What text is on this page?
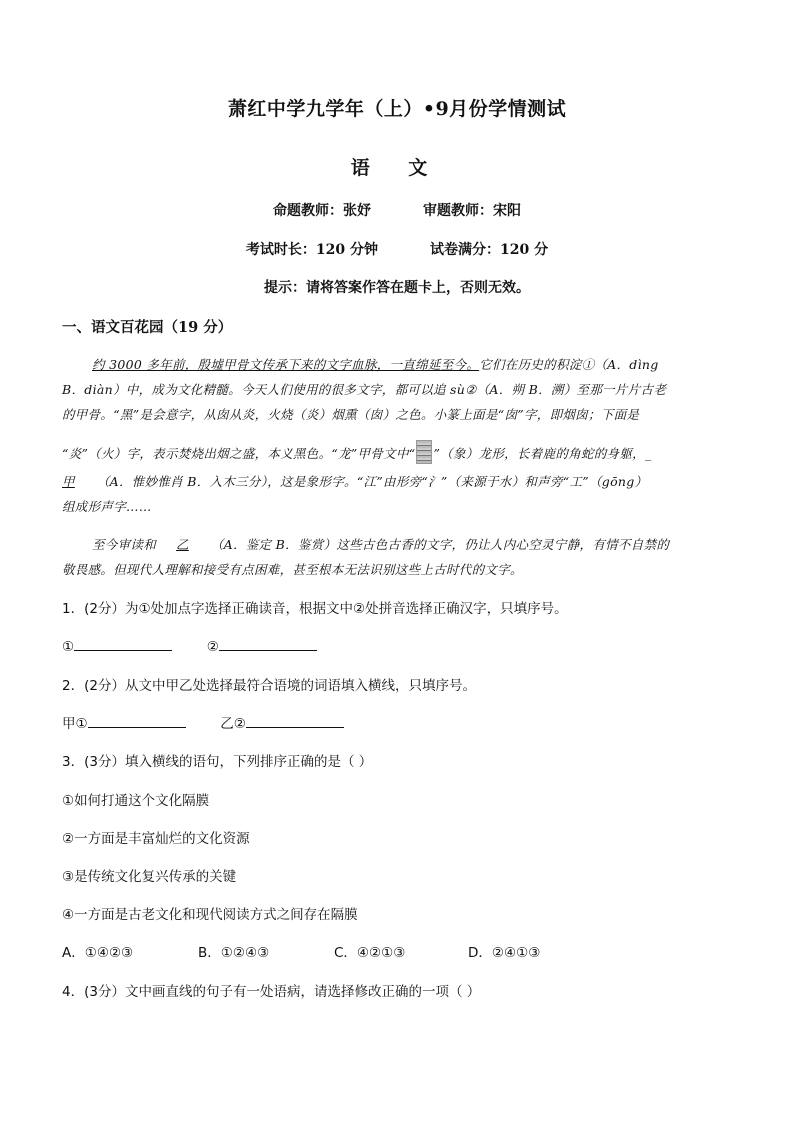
萧红中学九学年（上）•9月份学情测试
语 文
命题教师：张妤	审题教师：宋阳
考试时长：120 分钟	试卷满分：120 分
提示：请将答案作答在题卡上，否则无效。
一、语文百花园（19 分）
约 3000 多年前，殷墟甲骨文传承下来的文字血脉，一直绵延至今。它们在历史的积淀①（A．dìng
B．diàn）中，成为文化精髓。今天人们使用的很多文字，都可以追 sù②（A．朔 B．溯）至那一片片古老
的甲骨。“黑”是会意字，从囱从炎，火烧（炎）烟熏（囱）之色。小篆上面是“囱”字，即烟囱；下面是
“炎”（火）字，表示焚烧出烟之盛，本义黑色。“龙”甲骨文中“ ”（象）龙形，长着鹿的角蛇的身躯，_
甲 （A．惟妙惟肖 B．入木三分），这是象形字。“江”由形旁“氵”（来源于水）和声旁“工”（gōng）
组成形声字……
至今审读和 乙 （A．鉴定 B．鉴赏）这些古色古香的文字，仍让人内心空灵宁静，有情不自禁的
敬畏感。但现代人理解和接受有点困难，甚至根本无法识别这些上古时代的文字。
1．(2分）为①处加点字选择正确读音，根据文中②处拼音选择正确汉字，只填序号。
①	②
2．(2分）从文中甲乙处选择最符合语境的词语填入横线，只填序号。
甲①	乙②
3．(3分）填入横线的语句，下列排序正确的是（ ）
①如何打通这个文化隔膜
②一方面是丰富灿烂的文化资源
③是传统文化复兴传承的关键
④一方面是古老文化和现代阅读方式之间存在隔膜
A．①④②③	B．①②④③	C．④②①③	D．②④①③
4．(3分）文中画直线的句子有一处语病，请选择修改正确的一项（ ）
